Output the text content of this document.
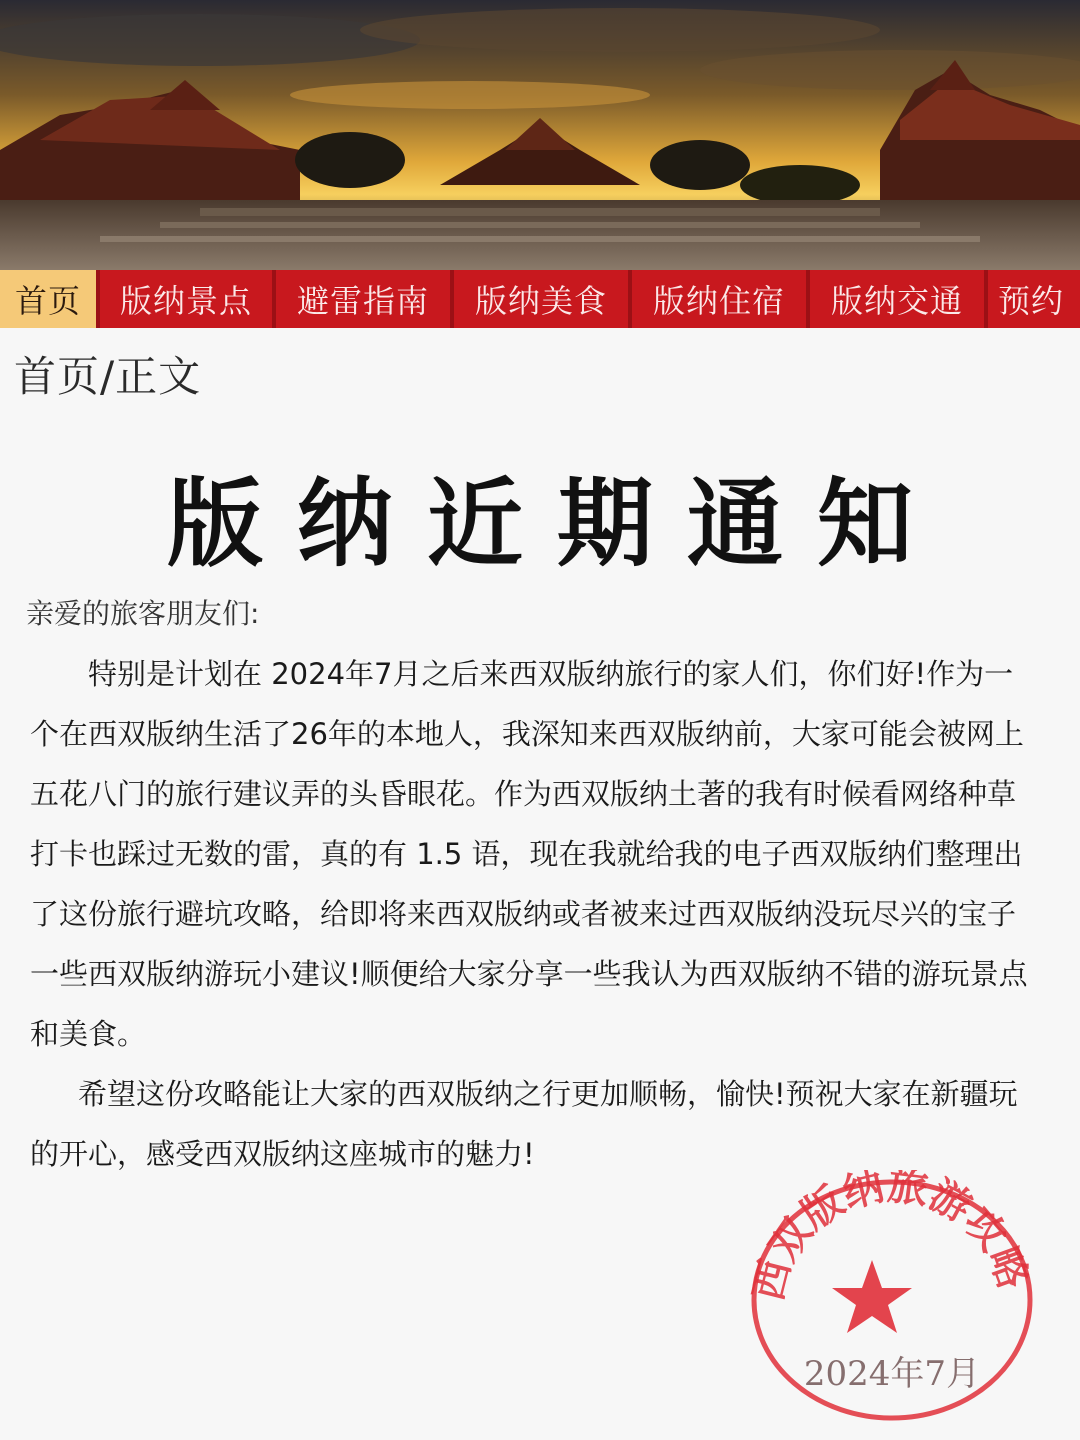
首页	版纳景点	避雷指南	版纳美食	版纳住宿	版纳交通	预约
首页/正文
版纳近期通知
亲爱的旅客朋友们:

特别是计划在 2024年7月之后来西双版纳旅行的家人们，你们好!作为一个在西双版纳生活了26年的本地人，我深知来西双版纳前，大家可能会被网上五花八门的旅行建议弄的头昏眼花。作为西双版纳土著的我有时候看网络种草打卡也踩过无数的雷，真的有 1.5 语，现在我就给我的电子西双版纳们整理出了这份旅行避坑攻略，给即将来西双版纳或者被来过西双版纳没玩尽兴的宝子一些西双版纳游玩小建议!顺便给大家分享一些我认为西双版纳不错的游玩景点和美食。

希望这份攻略能让大家的西双版纳之行更加顺畅，愉快!预祝大家在新疆玩的开心，感受西双版纳这座城市的魅力!

西双版纳旅游攻略
2024年7月
